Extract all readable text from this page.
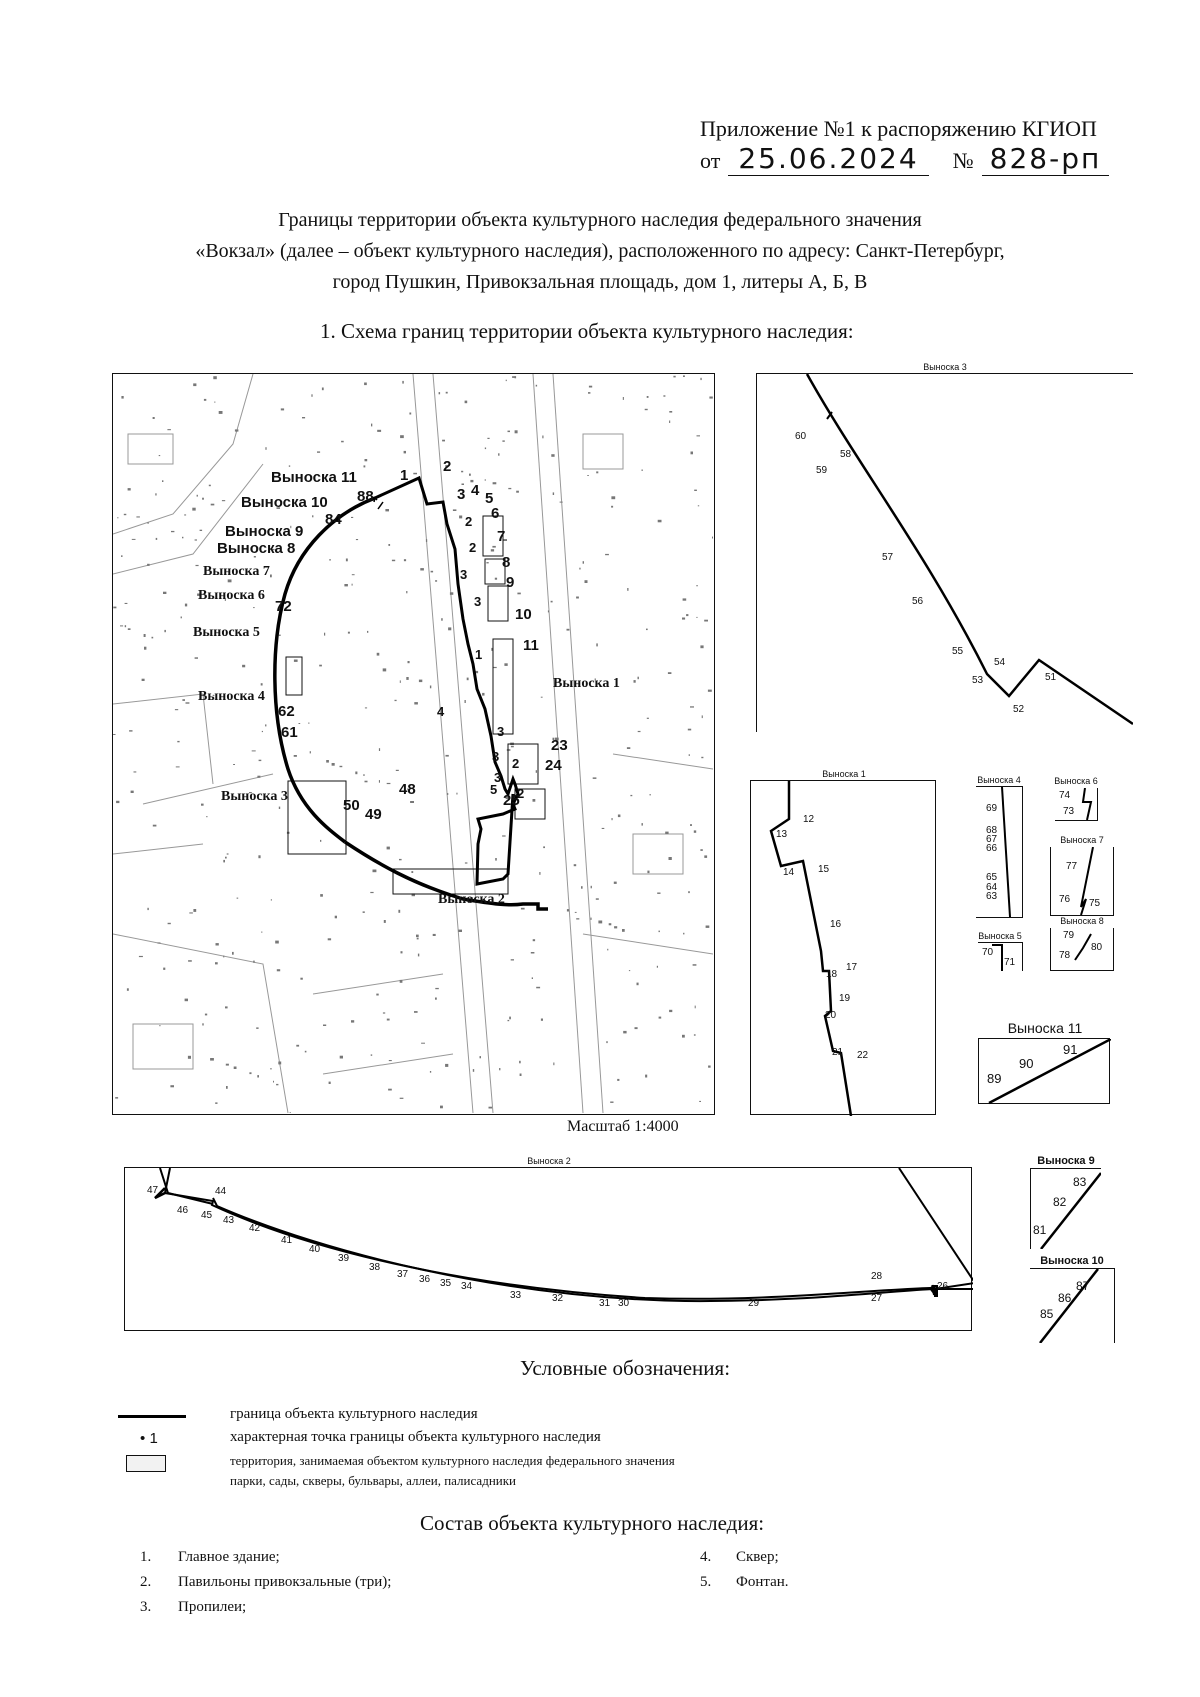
Приложение №1 к распоряжению КГИОП
от 25.06.2024 № 828-рп
Границы территории объекта культурного наследия федерального значения
«Вокзал» (далее – объект культурного наследия), расположенного по адресу: Санкт-Петербург,
город Пушкин, Привокзальная площадь, дом 1, литеры А, Б, В
1. Схема границ территории объекта культурного наследия:
Выноска 11
Выноска 10
Выноска 9
Выноска 8
Выноска 7
Выноска 6
Выноска 5
Выноска 4
Выноска 3
Выноска 2
Выноска 1
1
2
3 4 5
6
7
8
9
10
11
23
24
25
48
49
50
61
62
72
84
88
1
2
2
3
3
3
3
2
2
4
3
5
Масштаб 1:4000
Выноска 3
60
58
59
57
56
55
54
53	51
52
Выноска 1
12
13
14 15
16
17
18
19
20
21 22
Выноска 4
69
68
67
66
65
64
63
Выноска 6
74
73
Выноска 7
77
76 75
Выноска 5
70
71
Выноска 8
79
78
80
Выноска 11
91
90
89
Выноска 2
47	44
46 45 43
42
41
40
39
38
37 36 35 34
33	32	31 30	29
28
27
26
Выноска 9
83
82
81
Выноска 10
87
86
85
Условные обозначения:
граница объекта культурного наследия
• 1	характерная точка границы объекта культурного наследия
территория, занимаемая объектом культурного наследия федерального значения
парки, сады, скверы, бульвары, аллеи, палисадники
Состав объекта культурного наследия:
1. Главное здание;
2. Павильоны привокзальные (три);
3. Пропилеи;
4. Сквер;
5. Фонтан.
